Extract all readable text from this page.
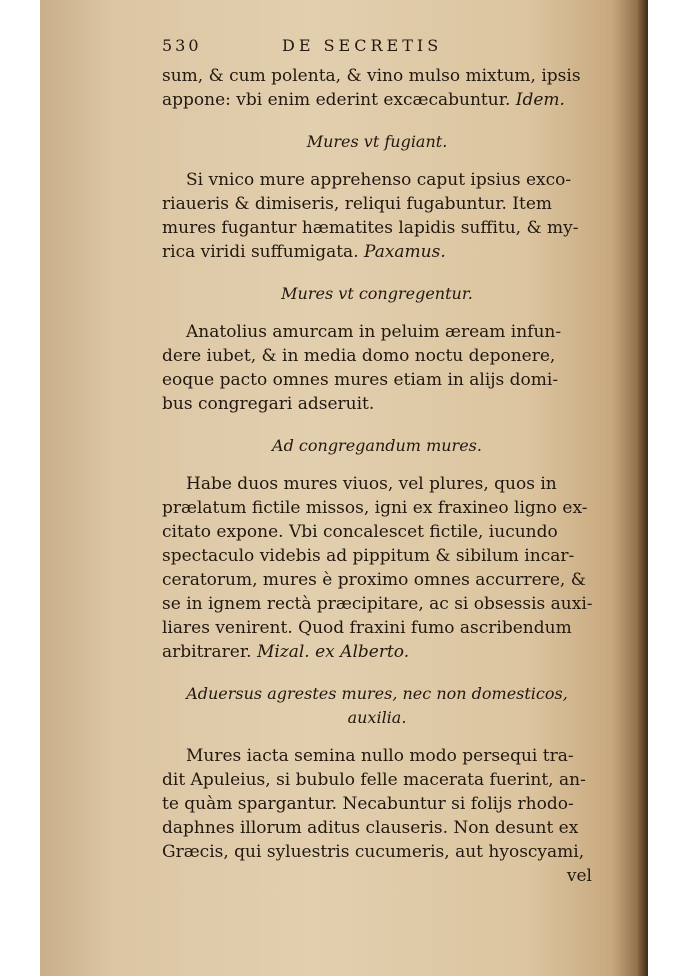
530	DE SECRETIS
sum, & cum polenta, & vino mulso mixtum, ipsis
appone: vbi enim ederint excæcabuntur. Idem.
Mures vt fugiant.
Si vnico mure apprehenso caput ipsius exco-
riaueris & dimiseris, reliqui fugabuntur. Item
mures fugantur hæmatites lapidis suffitu, & my-
rica viridi suffumigata. Paxamus.
Mures vt congregentur.
Anatolius amurcam in peluim æream infun-
dere iubet, & in media domo noctu deponere,
eoque pacto omnes mures etiam in alijs domi-
bus congregari adseruit.
Ad congregandum mures.
Habe duos mures viuos, vel plures, quos in
prælatum fictile missos, igni ex fraxineo ligno ex-
citato expone. Vbi concalescet fictile, iucundo
spectaculo videbis ad pippitum & sibilum incar-
ceratorum, mures è proximo omnes accurrere, &
se in ignem rectà præcipitare, ac si obsessis auxi-
liares venirent. Quod fraxini fumo ascribendum
arbitrarer. Mizal. ex Alberto.
Aduersus agrestes mures, nec non domesticos,
auxilia.
Mures iacta semina nullo modo persequi tra-
dit Apuleius, si bubulo felle macerata fuerint, an-
te quàm spargantur. Necabuntur si folijs rhodo-
daphnes illorum aditus clauseris. Non desunt ex
Græcis, qui syluestris cucumeris, aut hyoscyami,
vel
